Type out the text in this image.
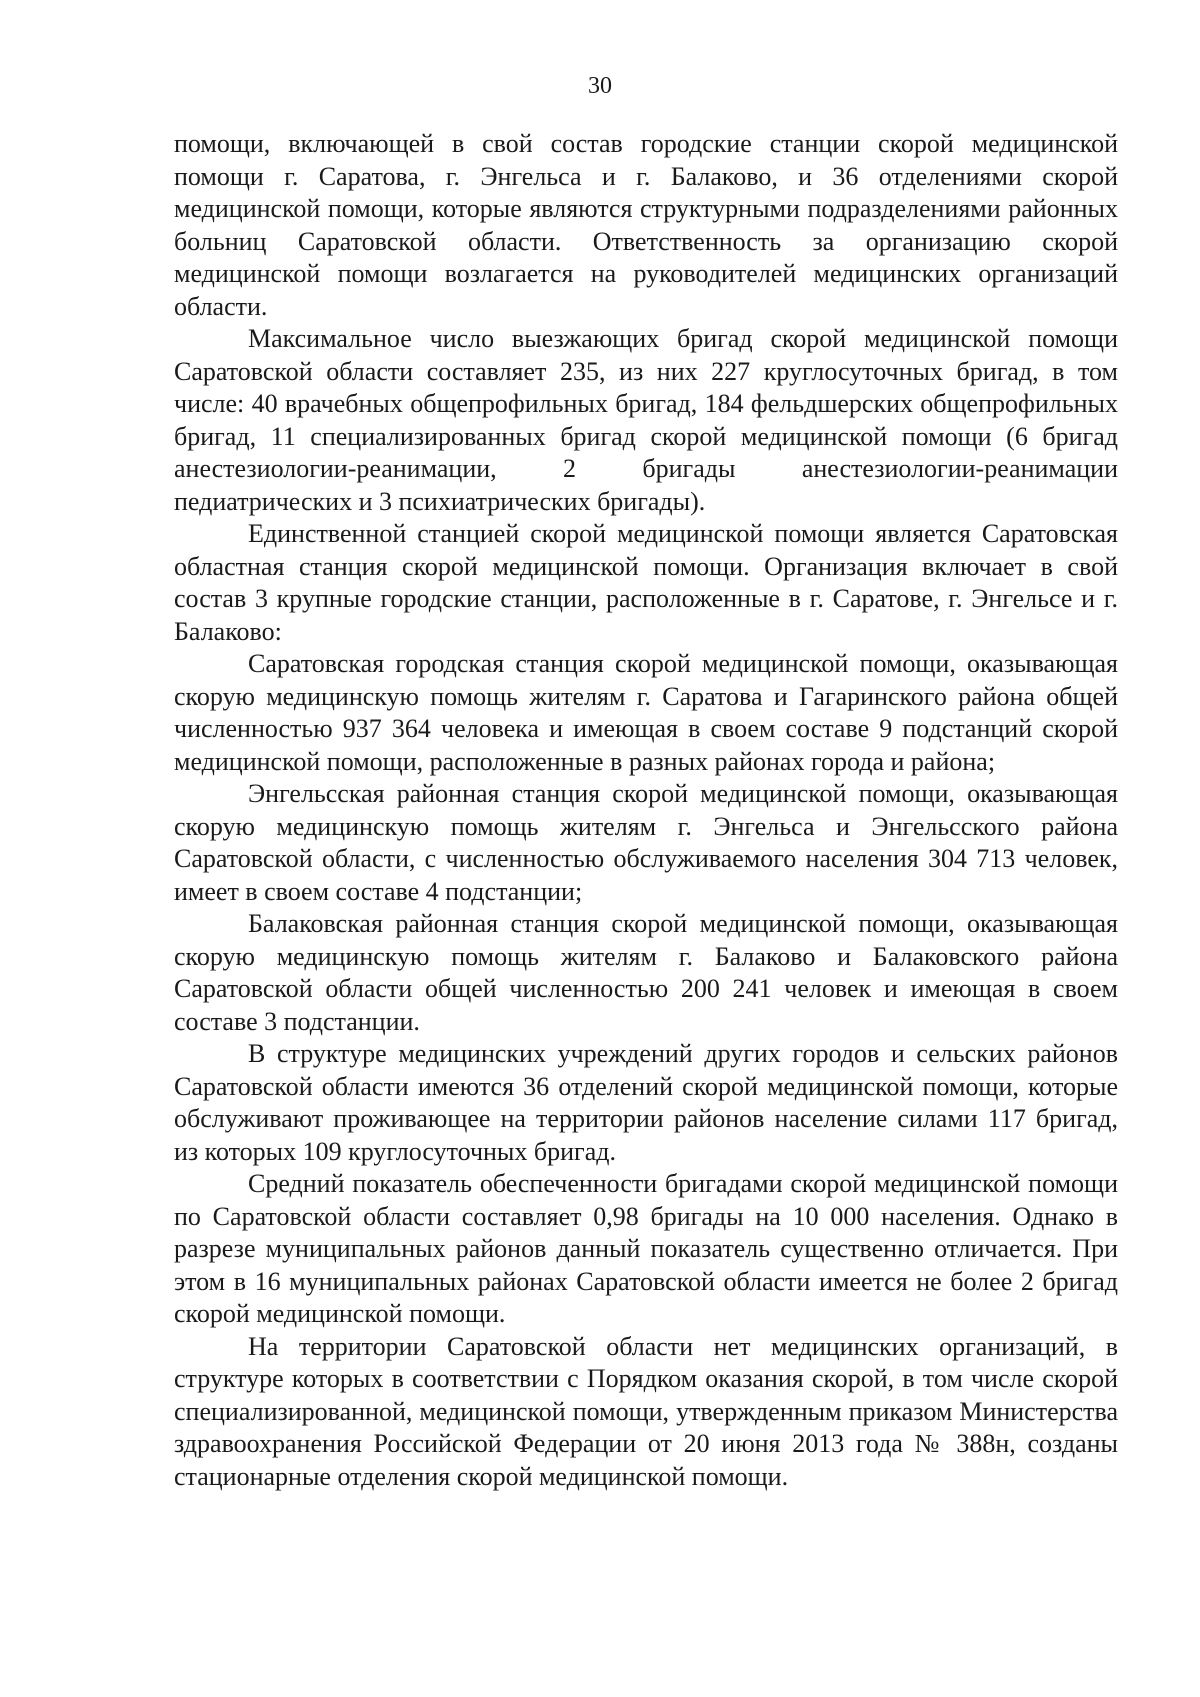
30

помощи, включающей в свой состав городские станции скорой медицинской помощи г. Саратова, г. Энгельса и г. Балаково, и 36 отделениями скорой медицинской помощи, которые являются структурными подразделениями районных больниц Саратовской области. Ответственность за организацию скорой медицинской помощи возлагается на руководителей медицинских организаций области.

Максимальное число выезжающих бригад скорой медицинской помощи Саратовской области составляет 235, из них 227 круглосуточных бригад, в том числе: 40 врачебных общепрофильных бригад, 184 фельдшерских общепрофильных бригад, 11 специализированных бригад скорой медицинской помощи (6 бригад анестезиологии-реанимации, 2 бригады анестезиологии-реанимации педиатрических и 3 психиатрических бригады).

Единственной станцией скорой медицинской помощи является Саратовская областная станция скорой медицинской помощи. Организация включает в свой состав 3 крупные городские станции, расположенные в г. Саратове, г. Энгельсе и г. Балаково:

Саратовская городская станция скорой медицинской помощи, оказывающая скорую медицинскую помощь жителям г. Саратова и Гагаринского района общей численностью 937 364 человека и имеющая в своем составе 9 подстанций скорой медицинской помощи, расположенные в разных районах города и района;

Энгельсская районная станция скорой медицинской помощи, оказывающая скорую медицинскую помощь жителям г. Энгельса и Энгельсского района Саратовской области, с численностью обслуживаемого населения 304 713 человек, имеет в своем составе 4 подстанции;

Балаковская районная станция скорой медицинской помощи, оказывающая скорую медицинскую помощь жителям г. Балаково и Балаковского района Саратовской области общей численностью 200 241 человек и имеющая в своем составе 3 подстанции.

В структуре медицинских учреждений других городов и сельских районов Саратовской области имеются 36 отделений скорой медицинской помощи, которые обслуживают проживающее на территории районов население силами 117 бригад, из которых 109 круглосуточных бригад.

Средний показатель обеспеченности бригадами скорой медицинской помощи по Саратовской области составляет 0,98 бригады на 10 000 населения. Однако в разрезе муниципальных районов данный показатель существенно отличается. При этом в 16 муниципальных районах Саратовской области имеется не более 2 бригад скорой медицинской помощи.

На территории Саратовской области нет медицинских организаций, в структуре которых в соответствии с Порядком оказания скорой, в том числе скорой специализированной, медицинской помощи, утвержденным приказом Министерства здравоохранения Российской Федерации от 20 июня 2013 года № 388н, созданы стационарные отделения скорой медицинской помощи.
